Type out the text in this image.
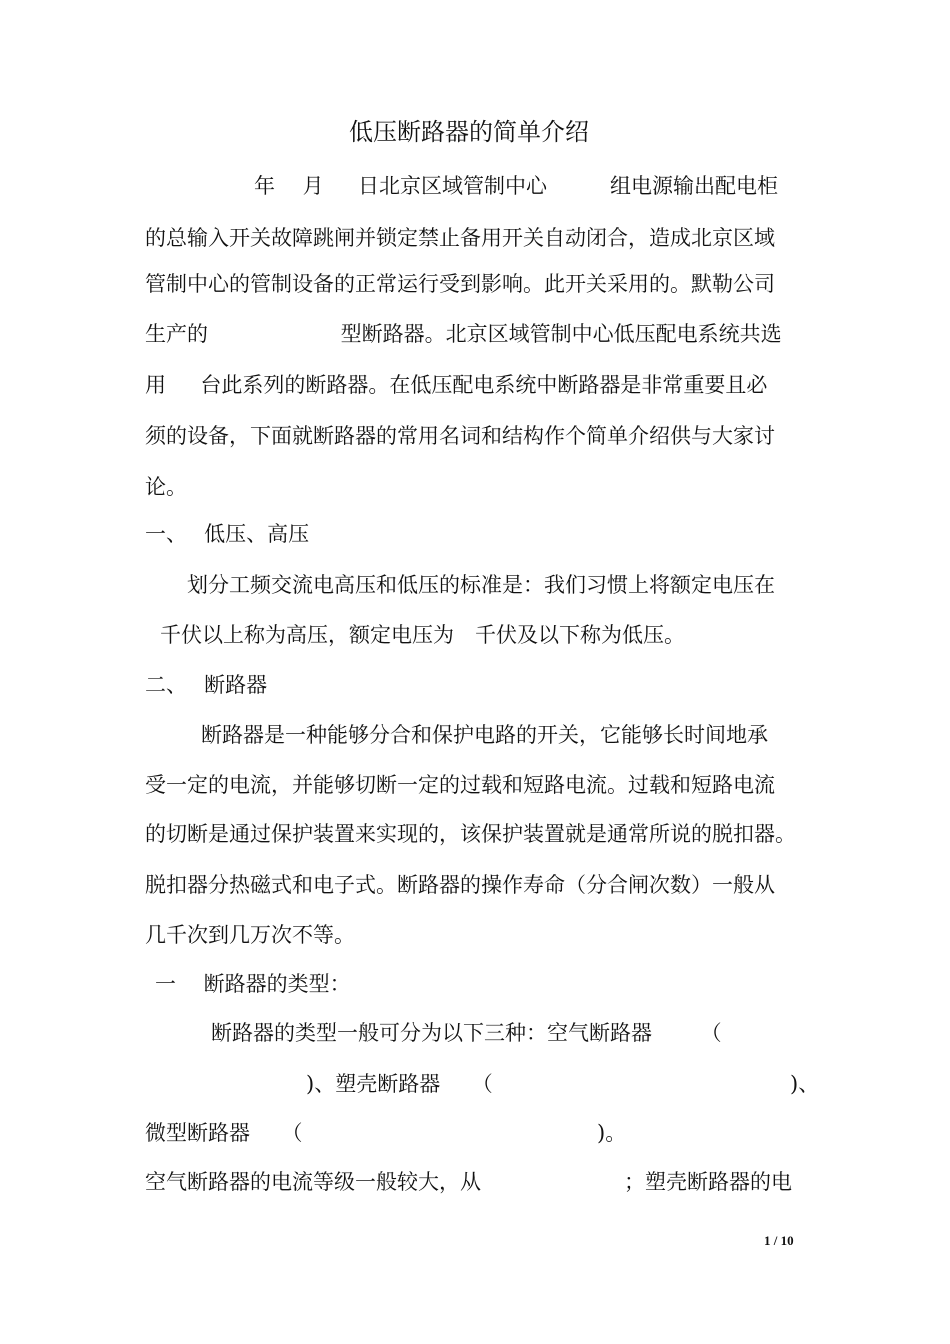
低压断路器的简单介绍
年　 月　  日北京区域管制中心　　　组电源输出配电柜
的总输入开关故障跳闸并锁定禁止备用开关自动闭合，造成北京区域
管制中心的管制设备的正常运行受到影响。此开关采用的。默勒公司
生产的　　　　　　 型断路器。北京区域管制中心低压配电系统共选
用　  台此系列的断路器。在低压配电系统中断路器是非常重要且必
须的设备，下面就断路器的常用名词和结构作个简单介绍供与大家讨
论。
一、　 低压、高压
划分工频交流电高压和低压的标准是：我们习惯上将额定电压在
千伏以上称为高压，额定电压为　千伏及以下称为低压。
二、　 断路器
断路器是一种能够分合和保护电路的开关，它能够长时间地承
受一定的电流，并能够切断一定的过载和短路电流。过载和短路电流
的切断是通过保护装置来实现的，该保护装置就是通常所说的脱扣器。
脱扣器分热磁式和电子式。断路器的操作寿命（分合闸次数）一般从
几千次到几万次不等。
一　 断路器的类型：
断路器的类型一般可分为以下三种：空气断路器　　 （
)、塑壳断路器　　（	)、
微型断路器　　（	)。
空气断路器的电流等级一般较大，从	；塑壳断路器的电
1 / 10
